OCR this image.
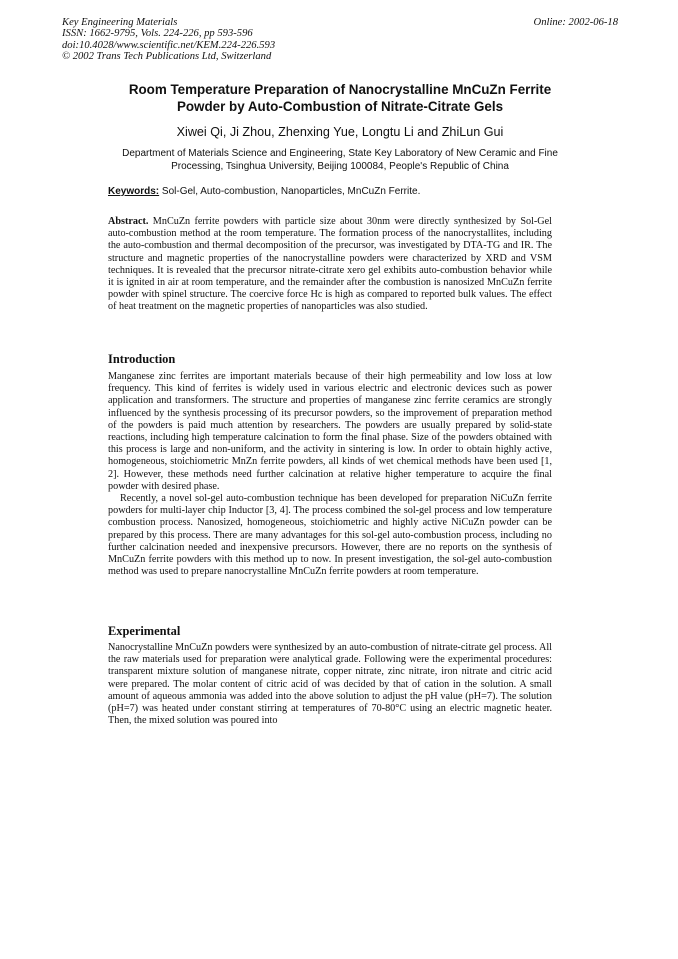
Key Engineering Materials
ISSN: 1662-9795, Vols. 224-226, pp 593-596
doi:10.4028/www.scientific.net/KEM.224-226.593
© 2002 Trans Tech Publications Ltd, Switzerland
Online: 2002-06-18
Room Temperature Preparation of Nanocrystalline MnCuZn Ferrite
Powder by Auto-Combustion of Nitrate-Citrate Gels
Xiwei Qi, Ji Zhou, Zhenxing Yue, Longtu Li and ZhiLun Gui
Department of Materials Science and Engineering, State Key Laboratory of New Ceramic and Fine
Processing, Tsinghua University, Beijing 100084, People's Republic of China
Keywords: Sol-Gel, Auto-combustion, Nanoparticles, MnCuZn Ferrite.
Abstract. MnCuZn ferrite powders with particle size about 30nm were directly synthesized by Sol-Gel auto-combustion method at the room temperature. The formation process of the nanocrystallites, including the auto-combustion and thermal decomposition of the precursor, was investigated by DTA-TG and IR. The structure and magnetic properties of the nanocrystalline powders were characterized by XRD and VSM techniques. It is revealed that the precursor nitrate-citrate xero gel exhibits auto-combustion behavior while it is ignited in air at room temperature, and the remainder after the combustion is nanosized MnCuZn ferrite powder with spinel structure. The coercive force Hc is high as compared to reported bulk values. The effect of heat treatment on the magnetic properties of nanoparticles was also studied.
Introduction

Manganese zinc ferrites are important materials because of their high permeability and low loss at low frequency. This kind of ferrites is widely used in various electric and electronic devices such as power application and transformers. The structure and properties of manganese zinc ferrite ceramics are strongly influenced by the synthesis processing of its precursor powders, so the improvement of preparation method of the powders is paid much attention by researchers. The powders are usually prepared by solid-state reactions, including high temperature calcination to form the final phase. Size of the powders obtained with this process is large and non-uniform, and the activity in sintering is low. In order to obtain highly active, homogeneous, stoichiometric MnZn ferrite powders, all kinds of wet chemical methods have been used [1, 2]. However, these methods need further calcination at relative higher temperature to acquire the final powder with desired phase.

Recently, a novel sol-gel auto-combustion technique has been developed for preparation NiCuZn ferrite powders for multi-layer chip Inductor [3, 4]. The process combined the sol-gel process and low temperature combustion process. Nanosized, homogeneous, stoichiometric and highly active NiCuZn powder can be prepared by this process. There are many advantages for this sol-gel auto-combustion process, including no further calcination needed and inexpensive precursors. However, there are no reports on the synthesis of MnCuZn ferrite powders with this method up to now. In present investigation, the sol-gel auto-combustion method was used to prepare nanocrystalline MnCuZn ferrite powders at room temperature.

Experimental
Nanocrystalline MnCuZn powders were synthesized by an auto-combustion of nitrate-citrate gel process. All the raw materials used for preparation were analytical grade. Following were the experimental procedures: transparent mixture solution of manganese nitrate, copper nitrate, zinc nitrate, iron nitrate and citric acid were prepared. The molar content of citric acid of was decided by that of cation in the solution. A small amount of aqueous ammonia was added into the above solution to adjust the pH value (pH=7). The solution (pH=7) was heated under constant stirring at temperatures of 70-80°C using an electric magnetic heater. Then, the mixed solution was poured into
